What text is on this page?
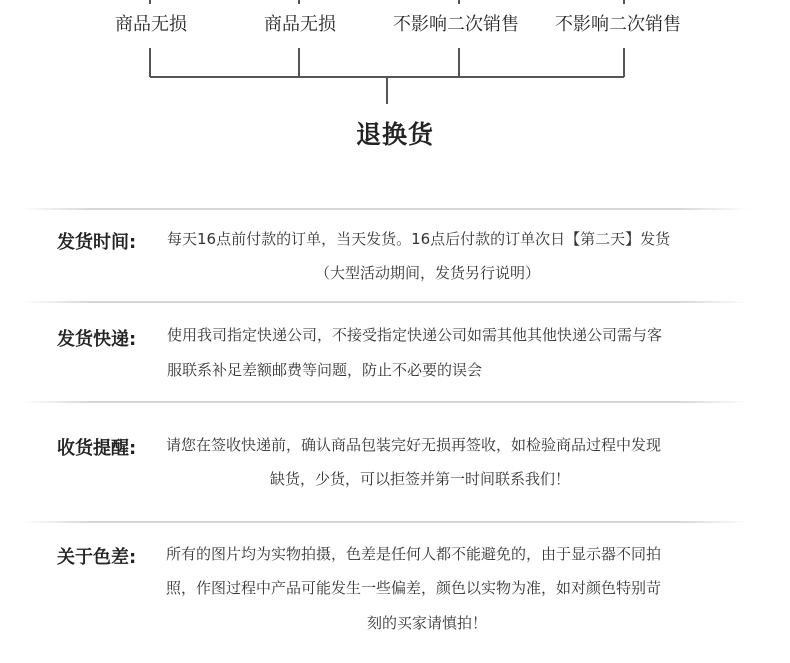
商品无损	商品无损	不影响二次销售 不影响二次销售
退换货
发货时间: 每天16点前付款的订单，当天发货。16点后付款的订单次日【第二天】发货
（大型活动期间，发货另行说明）
发货快递: 使用我司指定快递公司，不接受指定快递公司如需其他其他快递公司需与客
服联系补足差额邮费等问题，防止不必要的误会
收货提醒: 请您在签收快递前，确认商品包装完好无损再签收，如检验商品过程中发现
缺货，少货，可以拒签并第一时间联系我们！
关于色差: 所有的图片均为实物拍摄，色差是任何人都不能避免的，由于显示器不同拍
照，作图过程中产品可能发生一些偏差，颜色以实物为准，如对颜色特别苛
刻的买家请慎拍！
